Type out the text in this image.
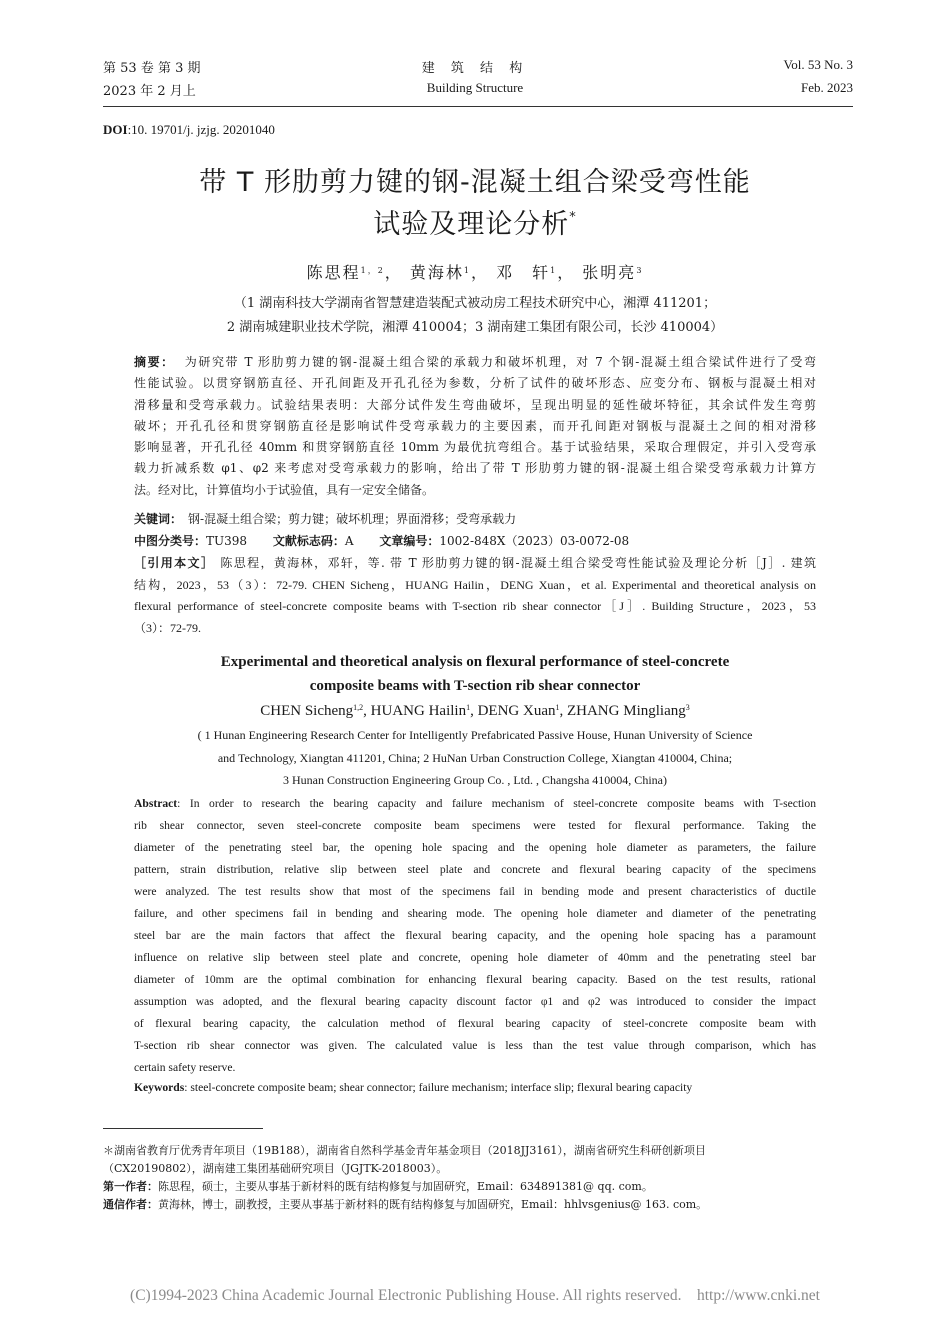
第 53 卷 第 3 期
2023 年 2 月上
建 筑 结 构
Building Structure
Vol. 53 No. 3
Feb. 2023
DOI:10. 19701/j. jzjg. 20201040
带 T 形肋剪力键的钢-混凝土组合梁受弯性能
试验及理论分析*
陈思程$^{1,2}$， 黄海林$^1$， 邓　轩$^1$， 张明亮$^3$
（1 湖南科技大学湖南省智慧建造装配式被动房工程技术研究中心，湘潭 411201；
2 湖南城建职业技术学院，湘潭 410004；3 湖南建工集团有限公司，长沙 410004）
摘要： 为研究带 T 形肋剪力键的钢-混凝土组合梁的承载力和破坏机理，对 7 个钢-混凝土组合梁试件进行了受弯
性能试验。以贯穿钢筋直径、开孔间距及开孔孔径为参数，分析了试件的破坏形态、应变分布、钢板与混凝土相对
滑移量和受弯承载力。试验结果表明：大部分试件发生弯曲破坏，呈现出明显的延性破坏特征，其余试件发生弯剪
破坏；开孔孔径和贯穿钢筋直径是影响试件受弯承载力的主要因素，而开孔间距对钢板与混凝土之间的相对滑移
影响显著，开孔孔径 40mm 和贯穿钢筋直径 10mm 为最优抗弯组合。基于试验结果，采取合理假定，并引入受弯承
载力折减系数 φ1、φ2 来考虑对受弯承载力的影响，给出了带 T 形肋剪力键的钢-混凝土组合梁受弯承载力计算方
法。经对比，计算值均小于试验值，具有一定安全储备。
关键词： 钢-混凝土组合梁；剪力键；破坏机理；界面滑移；受弯承载力
中图分类号：TU398 文献标志码：A 文章编号：1002-848X（2023）03-0072-08
［引用本文］ 陈思程，黄海林，邓轩，等. 带 T 形肋剪力键的钢-混凝土组合梁受弯性能试验及理论分析［J］. 建筑
结构，2023，53（3）：72-79. CHEN Sicheng，HUANG Hailin，DENG Xuan，et al. Experimental and theoretical analysis on
flexural performance of steel-concrete composite beams with T-section rib shear connector［J］. Building Structure，2023，53
（3）：72-79.
Experimental and theoretical analysis on flexural performance of steel-concrete
composite beams with T-section rib shear connector
CHEN Sicheng$^{1,2}$, HUANG Hailin$^1$, DENG Xuan$^1$, ZHANG Mingliang$^3$
( 1 Hunan Engineering Research Center for Intelligently Prefabricated Passive House, Hunan University of Science
and Technology, Xiangtan 411201, China; 2 HuNan Urban Construction College, Xiangtan 410004, China;
3 Hunan Construction Engineering Group Co. , Ltd. , Changsha 410004, China)
Abstract: In order to research the bearing capacity and failure mechanism of steel-concrete composite beams with T-section
rib shear connector, seven steel-concrete composite beam specimens were tested for flexural performance. Taking the
diameter of the penetrating steel bar, the opening hole spacing and the opening hole diameter as parameters, the failure
pattern, strain distribution, relative slip between steel plate and concrete and flexural bearing capacity of the specimens
were analyzed. The test results show that most of the specimens fail in bending mode and present characteristics of ductile
failure, and other specimens fail in bending and shearing mode. The opening hole diameter and diameter of the penetrating
steel bar are the main factors that affect the flexural bearing capacity, and the opening hole spacing has a paramount
influence on relative slip between steel plate and concrete, opening hole diameter of 40mm and the penetrating steel bar
diameter of 10mm are the optimal combination for enhancing flexural bearing capacity. Based on the test results, rational
assumption was adopted, and the flexural bearing capacity discount factor φ1 and φ2 was introduced to consider the impact
of flexural bearing capacity, the calculation method of flexural bearing capacity of steel-concrete composite beam with
T-section rib shear connector was given. The calculated value is less than the test value through comparison, which has
certain safety reserve.
Keywords: steel-concrete composite beam; shear connector; failure mechanism; interface slip; flexural bearing capacity
＊湖南省教育厅优秀青年项目（19B188），湖南省自然科学基金青年基金项目（2018JJ3161），湖南省研究生科研创新项目
（CX20190802），湖南建工集团基础研究项目（JGJTK-2018003）。
第一作者：陈思程，硕士，主要从事基于新材料的既有结构修复与加固研究，Email：634891381@ qq. com。
通信作者：黄海林，博士，副教授，主要从事基于新材料的既有结构修复与加固研究，Email：hhlvsgenius@ 163. com。
(C)1994-2023 China Academic Journal Electronic Publishing House. All rights reserved.    http://www.cnki.net
